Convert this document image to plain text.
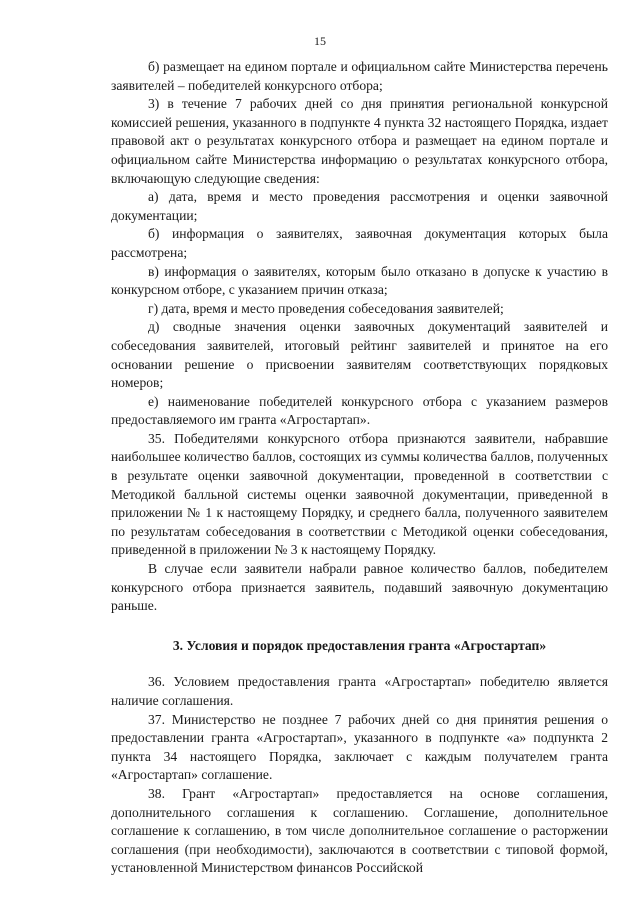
15

б) размещает на едином портале и официальном сайте Министерства перечень заявителей – победителей конкурсного отбора;

3) в течение 7 рабочих дней со дня принятия региональной конкурсной комиссией решения, указанного в подпункте 4 пункта 32 настоящего Порядка, издает правовой акт о результатах конкурсного отбора и размещает на едином портале и официальном сайте Министерства информацию о результатах конкурсного отбора, включающую следующие сведения:

а) дата, время и место проведения рассмотрения и оценки заявочной документации;

б) информация о заявителях, заявочная документация которых была рассмотрена;

в) информация о заявителях, которым было отказано в допуске к участию в конкурсном отборе, с указанием причин отказа;

г) дата, время и место проведения собеседования заявителей;

д) сводные значения оценки заявочных документаций заявителей и собеседования заявителей, итоговый рейтинг заявителей и принятое на его основании решение о присвоении заявителям соответствующих порядковых номеров;

е) наименование победителей конкурсного отбора с указанием размеров предоставляемого им гранта «Агростартап».

35. Победителями конкурсного отбора признаются заявители, набравшие наибольшее количество баллов, состоящих из суммы количества баллов, полученных в результате оценки заявочной документации, проведенной в соответствии с Методикой балльной системы оценки заявочной документации, приведенной в приложении № 1 к настоящему Порядку, и среднего балла, полученного заявителем по результатам собеседования в соответствии с Методикой оценки собеседования, приведенной в приложении № 3 к настоящему Порядку.

В случае если заявители набрали равное количество баллов, победителем конкурсного отбора признается заявитель, подавший заявочную документацию раньше.

3. Условия и порядок предоставления гранта «Агростартап»

36. Условием предоставления гранта «Агростартап» победителю является наличие соглашения.

37. Министерство не позднее 7 рабочих дней со дня принятия решения о предоставлении гранта «Агростартап», указанного в подпункте «а» подпункта 2 пункта 34 настоящего Порядка, заключает с каждым получателем гранта «Агростартап» соглашение.

38. Грант «Агростартап» предоставляется на основе соглашения, дополнительного соглашения к соглашению. Соглашение, дополнительное соглашение к соглашению, в том числе дополнительное соглашение о расторжении соглашения (при необходимости), заключаются в соответствии с типовой формой, установленной Министерством финансов Российской
